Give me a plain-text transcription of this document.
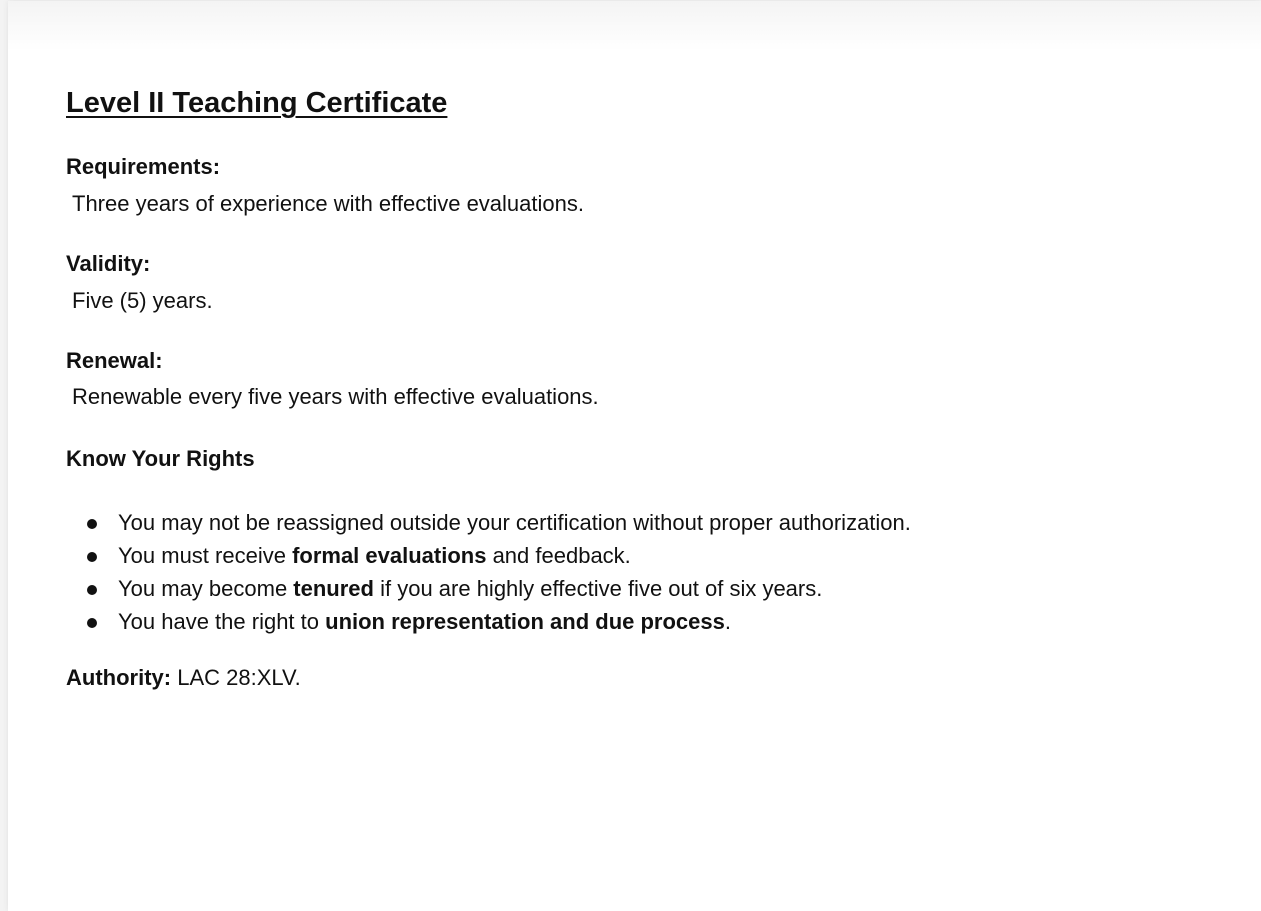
Level II Teaching Certificate
Requirements:
Three years of experience with effective evaluations.
Validity:
Five (5) years.
Renewal:
Renewable every five years with effective evaluations.
Know Your Rights
You may not be reassigned outside your certification without proper authorization.
You must receive formal evaluations and feedback.
You may become tenured if you are highly effective five out of six years.
You have the right to union representation and due process.
Authority: LAC 28:XLV.
